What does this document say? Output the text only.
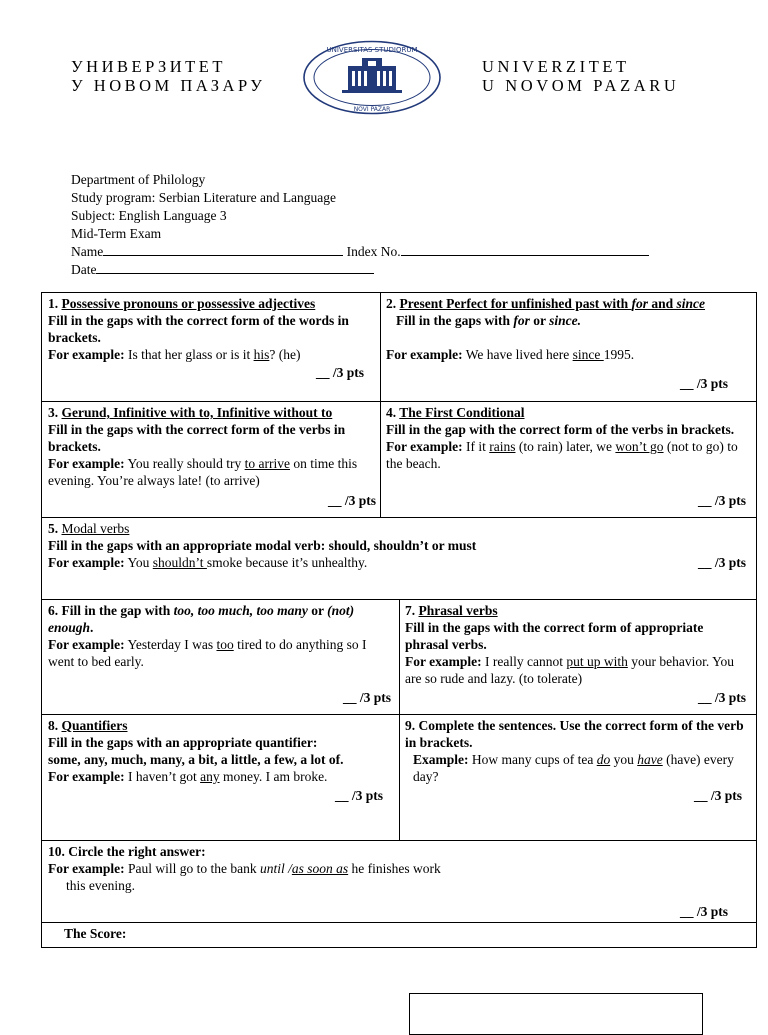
УНИВЕРЗИТЕТ
У НОВОМ ПАЗАРУ
UNIVERSITAS STUDIORUM
NOVI PAZAR
UNIVERZITET
U NOVOM PAZARU
Department of Philology
Study program: Serbian Literature and Language
Subject: English Language 3
Mid-Term Exam
Name	Index No.
Date
1. Possessive pronouns or possessive adjectives
Fill in the gaps with the correct form of the words in brackets.
For example: Is that her glass or is it his? (he)
__ /3 pts
2. Present Perfect for unfinished past with for and since
Fill in the gaps with for or since.
For example: We have lived here since 1995.
__ /3 pts
3. Gerund, Infinitive with to, Infinitive without to
Fill in the gaps with the correct form of the verbs in brackets.
For example: You really should try to arrive on time this evening. You’re always late! (to arrive)
__ /3 pts
4. The First Conditional
Fill in the gap with the correct form of the verbs in brackets.
For example: If it rains (to rain) later, we won’t go (not to go) to the beach.
__ /3 pts
5. Modal verbs
Fill in the gaps with an appropriate modal verb: should, shouldn’t or must
For example: You shouldn’t smoke because it’s unhealthy.	__ /3 pts
6. Fill in the gap with too, too much, too many or (not) enough.
For example: Yesterday I was too tired to do anything so I went to bed early.
__ /3 pts
7. Phrasal verbs
Fill in the gaps with the correct form of appropriate phrasal verbs.
For example: I really cannot put up with your behavior. You are so rude and lazy. (to tolerate)
__ /3 pts
8. Quantifiers
Fill in the gaps with an appropriate quantifier:
some, any, much, many, a bit, a little, a few, a lot of.
For example: I haven’t got any money. I am broke.
__ /3 pts
9. Complete the sentences. Use the correct form of the verb in brackets.
Example: How many cups of tea do you have (have) every day?
__ /3 pts
10. Circle the right answer:
For example: Paul will go to the bank until /as soon as he finishes work
this evening.
__ /3 pts
The Score:
